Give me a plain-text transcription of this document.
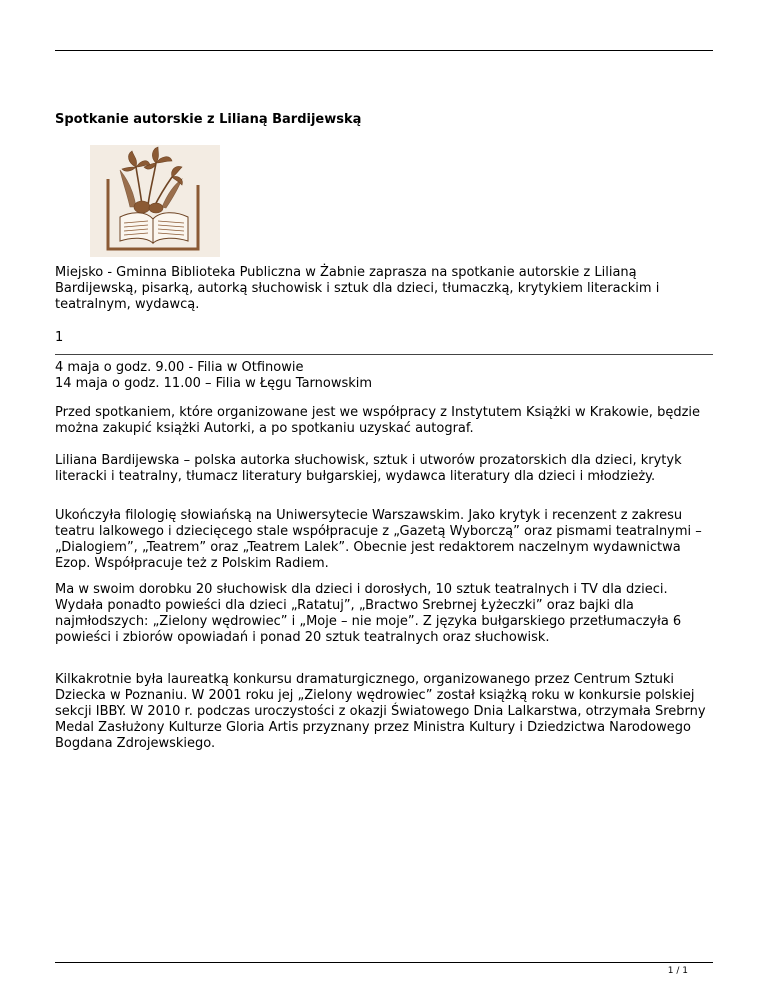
Spotkanie autorskie z Lilianą Bardijewską

Miejsko - Gminna Biblioteka Publiczna w Żabnie zaprasza na spotkanie autorskie z Lilianą Bardijewską, pisarką, autorką słuchowisk i sztuk dla dzieci, tłumaczką, krytykiem literackim i teatralnym, wydawcą.

1

4 maja o godz. 9.00 - Filia w Otfinowie
14 maja o godz. 11.00 – Filia w Łęgu Tarnowskim

Przed spotkaniem, które organizowane jest we współpracy z Instytutem Książki w Krakowie, będzie można zakupić książki Autorki, a po spotkaniu uzyskać autograf.

Liliana Bardijewska – polska autorka słuchowisk, sztuk i utworów prozatorskich dla dzieci, krytyk literacki i teatralny, tłumacz literatury bułgarskiej, wydawca literatury dla dzieci i młodzieży.

Ukończyła filologię słowiańską na Uniwersytecie Warszawskim. Jako krytyk i recenzent z zakresu teatru lalkowego i dziecięcego stale współpracuje z „Gazetą Wyborczą” oraz pismami teatralnymi – „Dialogiem”, „Teatrem” oraz „Teatrem Lalek”. Obecnie jest redaktorem naczelnym wydawnictwa Ezop. Współpracuje też z Polskim Radiem.

Ma w swoim dorobku 20 słuchowisk dla dzieci i dorosłych, 10 sztuk teatralnych i TV dla dzieci. Wydała ponadto powieści dla dzieci „Ratatuj”, „Bractwo Srebrnej Łyżeczki” oraz bajki dla najmłodszych: „Zielony wędrowiec” i „Moje – nie moje”. Z języka bułgarskiego przetłumaczyła 6 powieści i zbiorów opowiadań i ponad 20 sztuk teatralnych oraz słuchowisk.

Kilkakrotnie była laureatką konkursu dramaturgicznego, organizowanego przez Centrum Sztuki Dziecka w Poznaniu. W 2001 roku jej „Zielony wędrowiec” został książką roku w konkursie polskiej sekcji IBBY. W 2010 r. podczas uroczystości z okazji Światowego Dnia Lalkarstwa, otrzymała Srebrny Medal Zasłużony Kulturze Gloria Artis przyznany przez Ministra Kultury i Dziedzictwa Narodowego Bogdana Zdrojewskiego.

1 / 1
